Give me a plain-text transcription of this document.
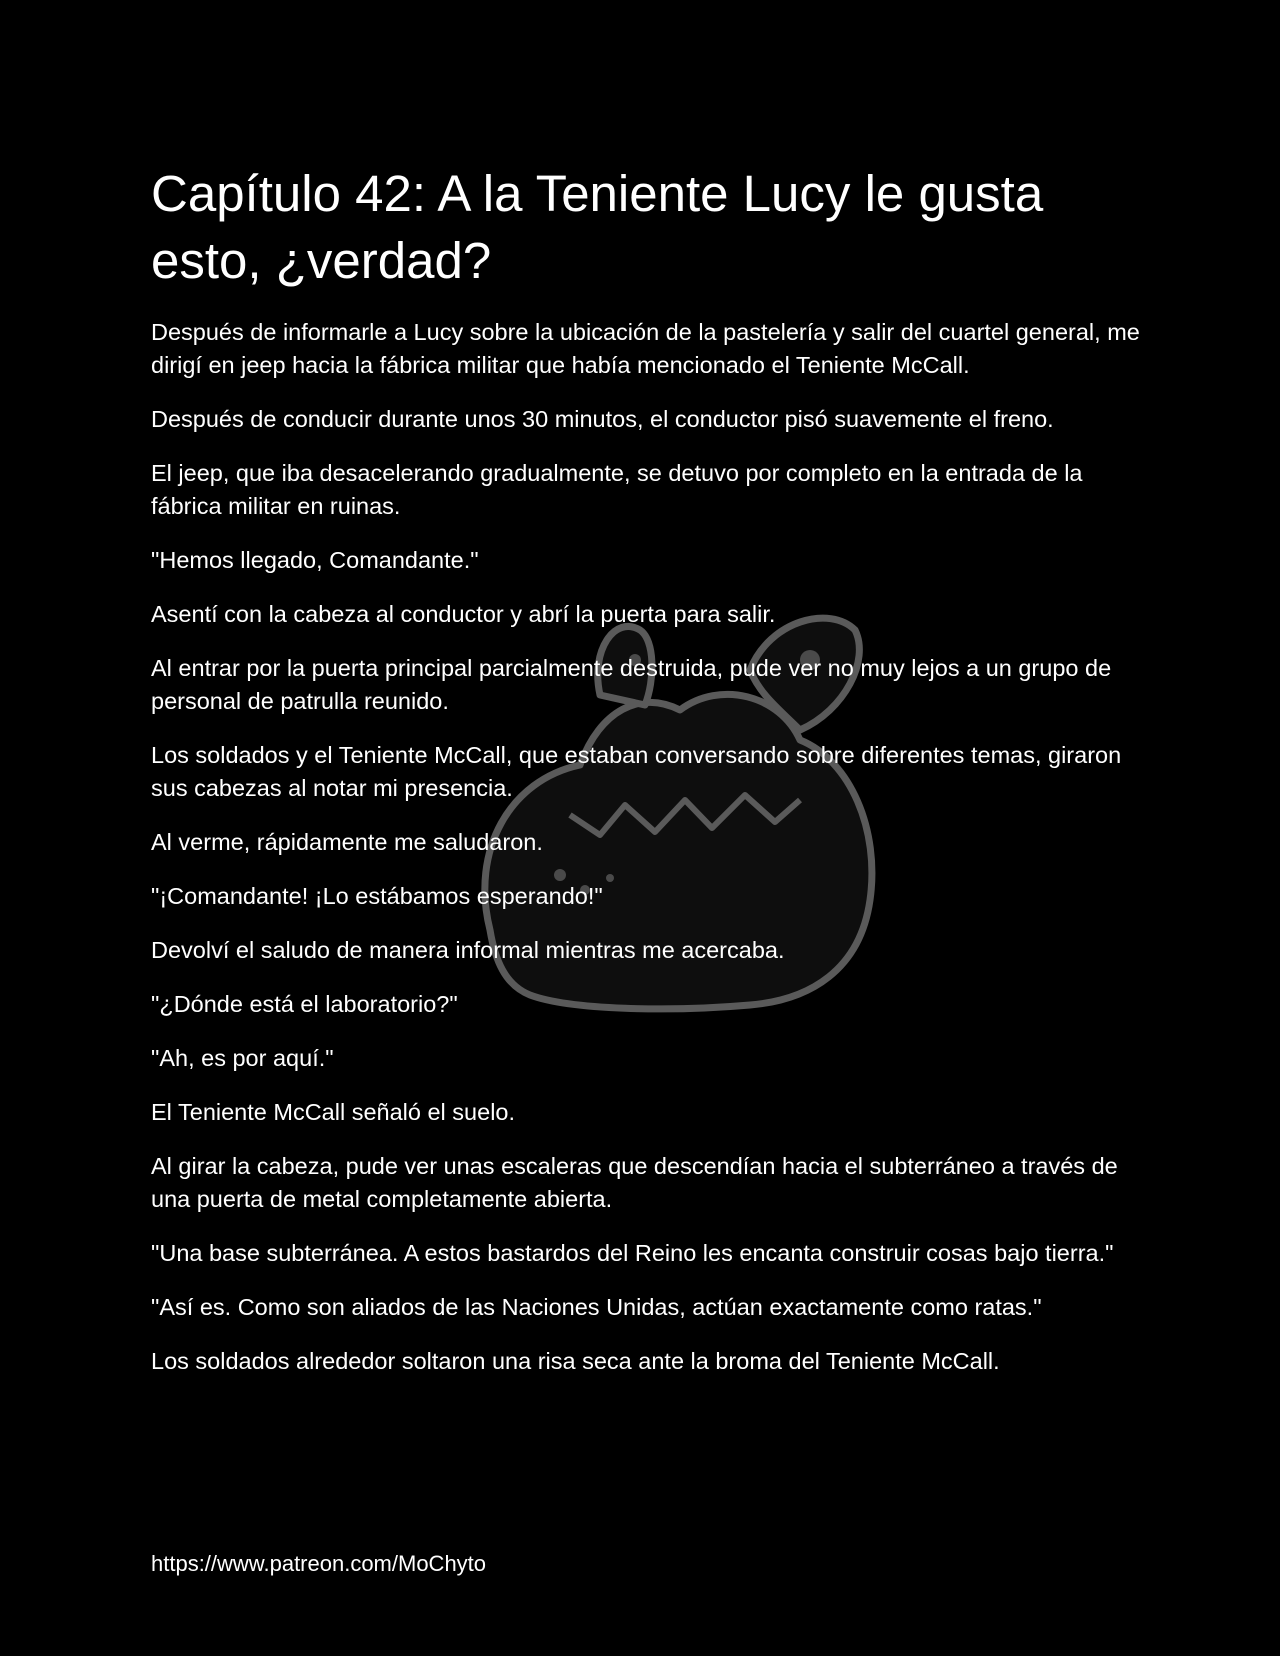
Capítulo 42: A la Teniente Lucy le gusta esto, ¿verdad?

Después de informarle a Lucy sobre la ubicación de la pastelería y salir del cuartel general, me dirigí en jeep hacia la fábrica militar que había mencionado el Teniente McCall.

Después de conducir durante unos 30 minutos, el conductor pisó suavemente el freno.

El jeep, que iba desacelerando gradualmente, se detuvo por completo en la entrada de la fábrica militar en ruinas.

"Hemos llegado, Comandante."

Asentí con la cabeza al conductor y abrí la puerta para salir.

Al entrar por la puerta principal parcialmente destruida, pude ver no muy lejos a un grupo de personal de patrulla reunido.

Los soldados y el Teniente McCall, que estaban conversando sobre diferentes temas, giraron sus cabezas al notar mi presencia.

Al verme, rápidamente me saludaron.

"¡Comandante! ¡Lo estábamos esperando!"

Devolví el saludo de manera informal mientras me acercaba.

"¿Dónde está el laboratorio?"

"Ah, es por aquí."

El Teniente McCall señaló el suelo.

Al girar la cabeza, pude ver unas escaleras que descendían hacia el subterráneo a través de una puerta de metal completamente abierta.

"Una base subterránea. A estos bastardos del Reino les encanta construir cosas bajo tierra."

"Así es. Como son aliados de las Naciones Unidas, actúan exactamente como ratas."

Los soldados alrededor soltaron una risa seca ante la broma del Teniente McCall.

https://www.patreon.com/MoChyto
